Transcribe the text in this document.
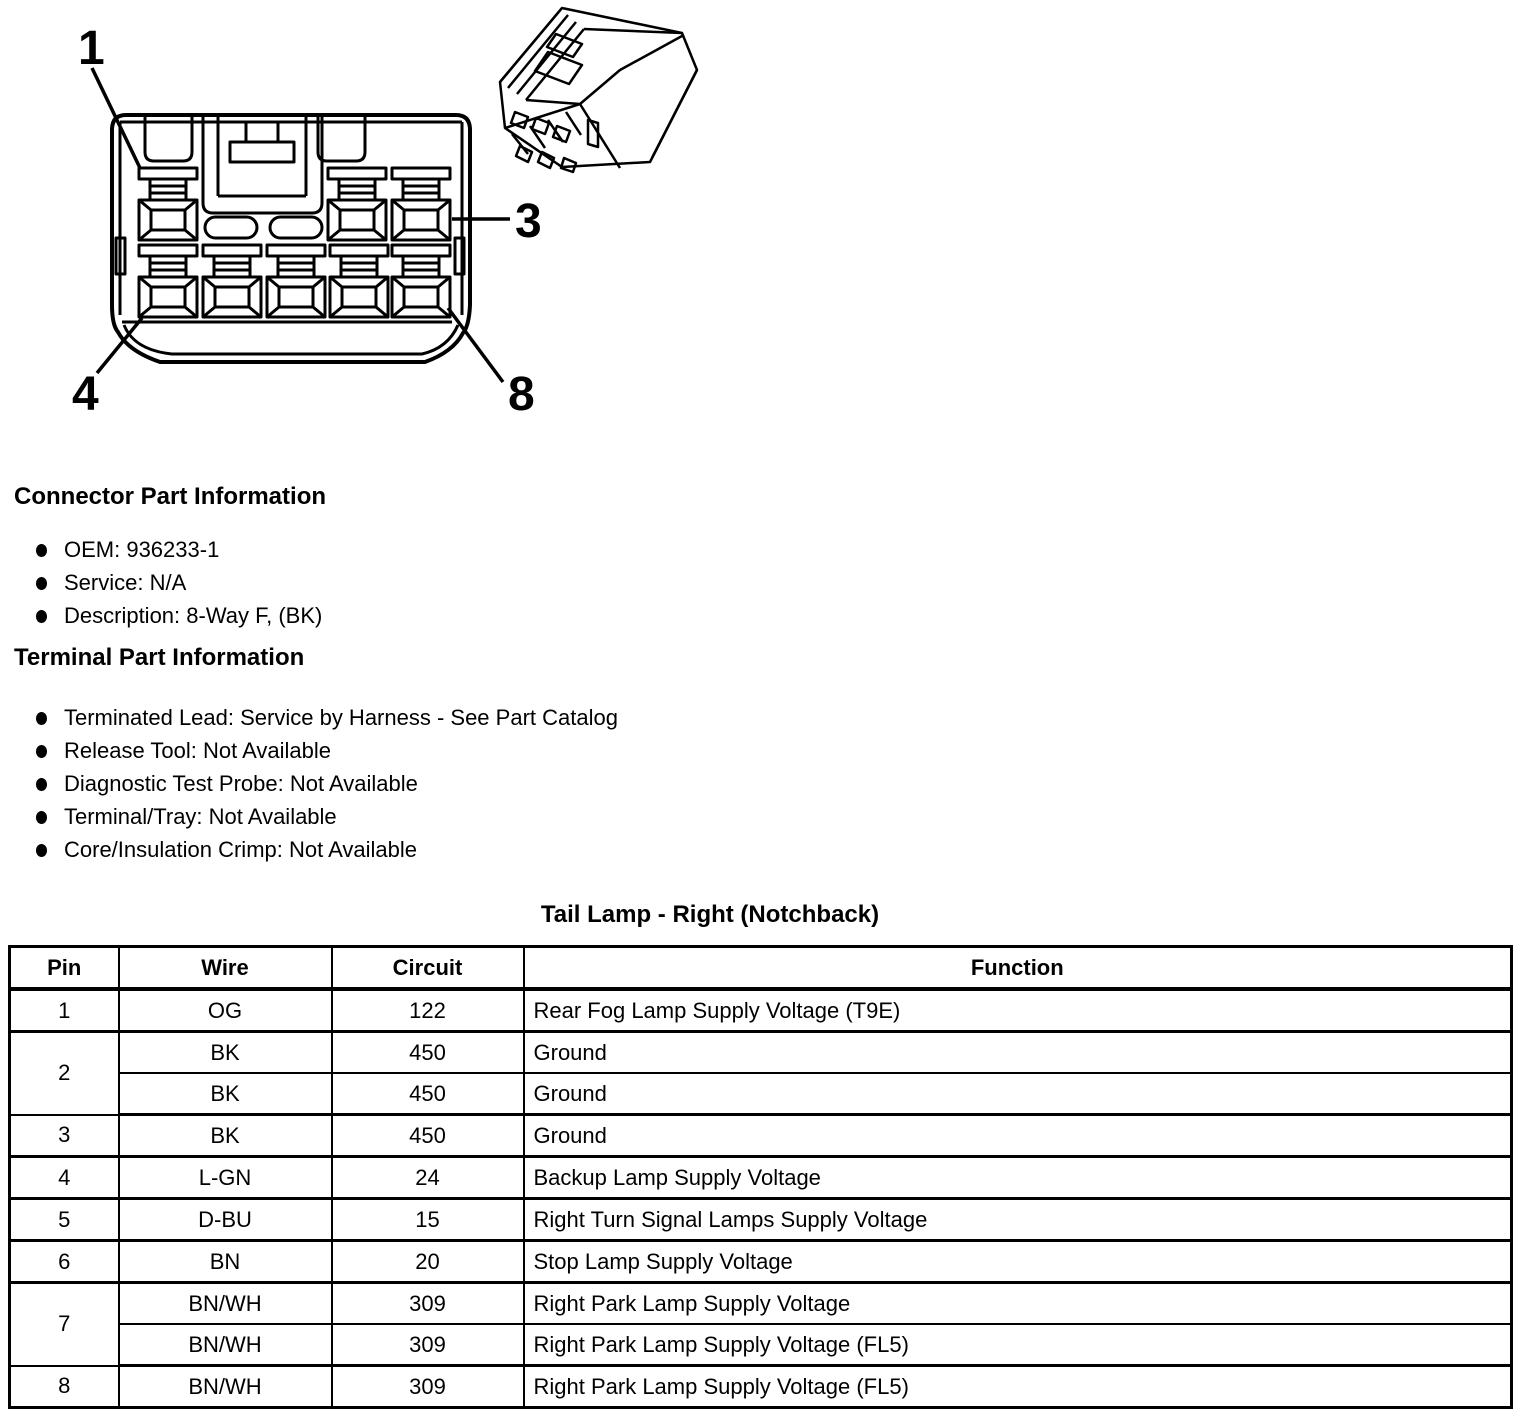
1
3
4	8
Connector Part Information
OEM: 936233-1
Service: N/A
Description: 8-Way F, (BK)
Terminal Part Information
Terminated Lead: Service by Harness - See Part Catalog
Release Tool: Not Available
Diagnostic Test Probe: Not Available
Terminal/Tray: Not Available
Core/Insulation Crimp: Not Available
Tail Lamp - Right (Notchback)
Pin	Wire	Circuit	Function
1	OG	122	Rear Fog Lamp Supply Voltage (T9E)
2	BK	450	Ground
	BK	450	Ground
3	BK	450	Ground
4	L-GN	24	Backup Lamp Supply Voltage
5	D-BU	15	Right Turn Signal Lamps Supply Voltage
6	BN	20	Stop Lamp Supply Voltage
7	BN/WH	309	Right Park Lamp Supply Voltage
	BN/WH	309	Right Park Lamp Supply Voltage (FL5)
8	BN/WH	309	Right Park Lamp Supply Voltage (FL5)
